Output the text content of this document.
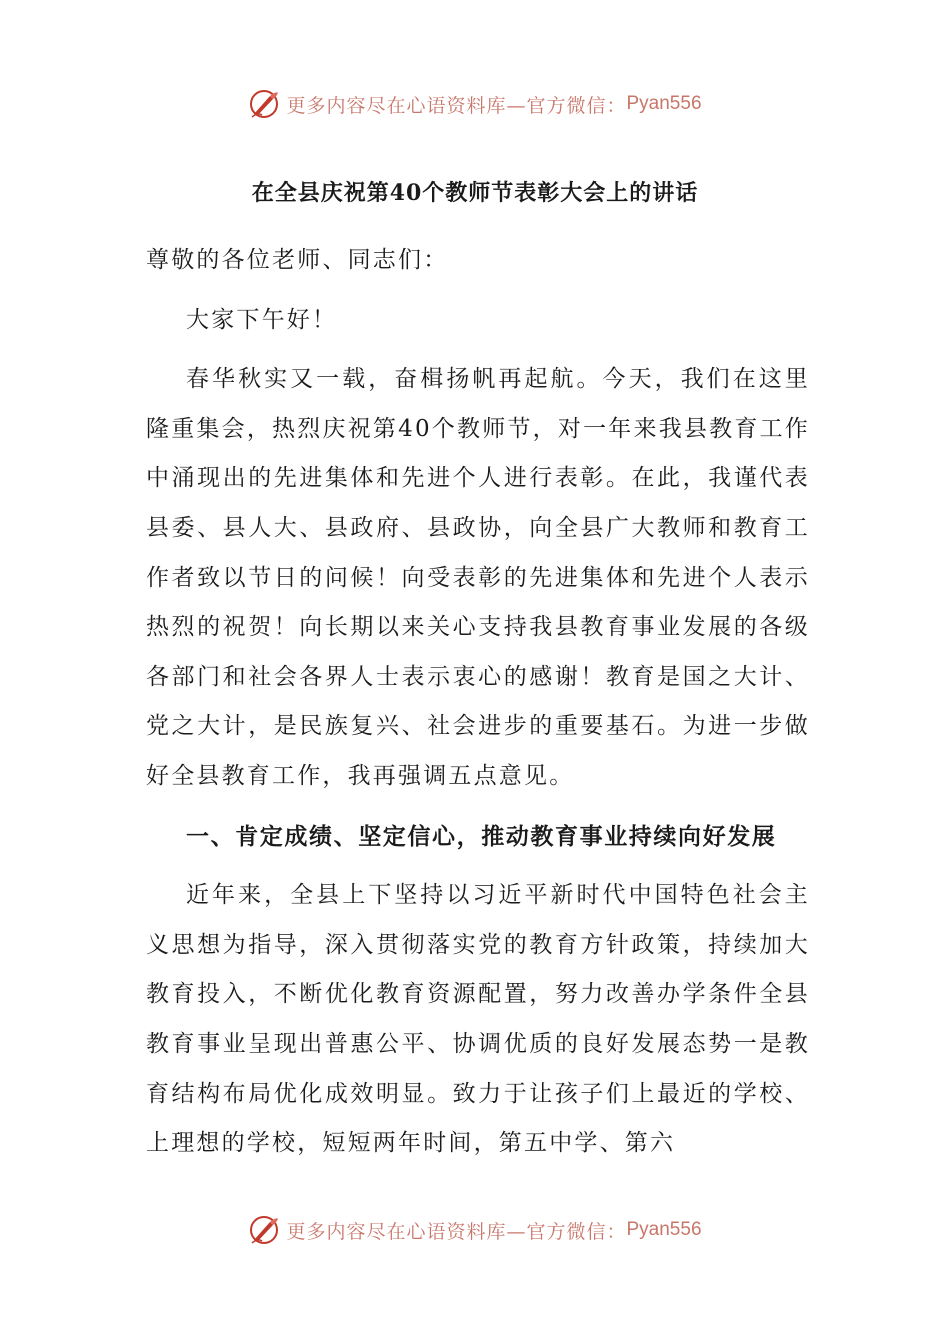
更多内容尽在心语资料库—官方微信： Pyan556
在全县庆祝第40个教师节表彰大会上的讲话

尊敬的各位老师、同志们：

大家下午好！

春华秋实又一载，奋楫扬帆再起航。今天，我们在这里隆重集会，热烈庆祝第40个教师节，对一年来我县教育工作中涌现出的先进集体和先进个人进行表彰。在此，我谨代表县委、县人大、县政府、县政协，向全县广大教师和教育工作者致以节日的问候！向受表彰的先进集体和先进个人表示热烈的祝贺！向长期以来关心支持我县教育事业发展的各级各部门和社会各界人士表示衷心的感谢！教育是国之大计、党之大计，是民族复兴、社会进步的重要基石。为进一步做好全县教育工作，我再强调五点意见。

一、肯定成绩、坚定信心，推动教育事业持续向好发展

近年来，全县上下坚持以习近平新时代中国特色社会主义思想为指导，深入贯彻落实党的教育方针政策，持续加大教育投入，不断优化教育资源配置，努力改善办学条件全县教育事业呈现出普惠公平、协调优质的良好发展态势一是教育结构布局优化成效明显。致力于让孩子们上最近的学校、上理想的学校，短短两年时间，第五中学、第六

更多内容尽在心语资料库—官方微信： Pyan556
